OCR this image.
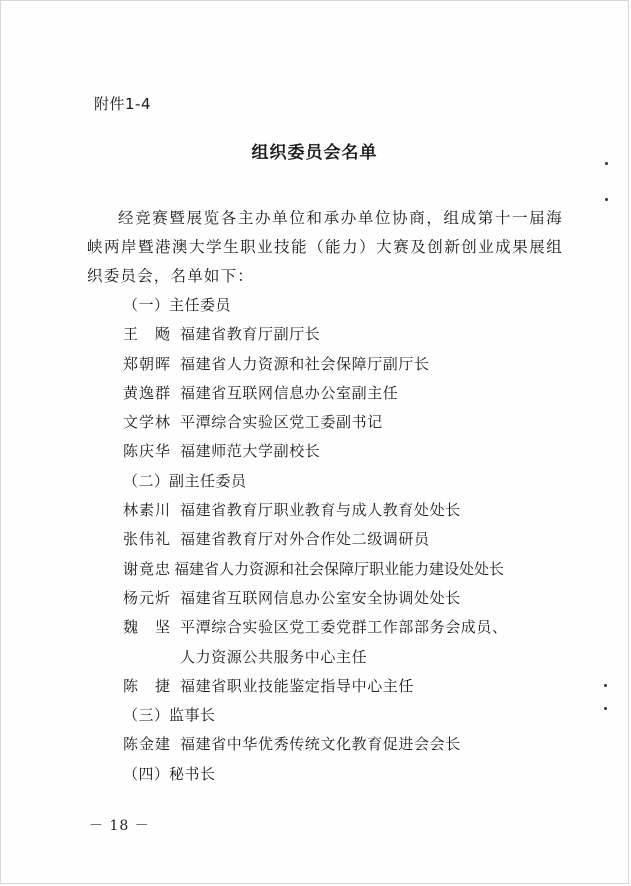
附件1-4
组织委员会名单

经竞赛暨展览各主办单位和承办单位协商，组成第十一届海峡两岸暨港澳大学生职业技能（能力）大赛及创新创业成果展组织委员会，名单如下：

（一）主任委员
王　飏 福建省教育厅副厅长
郑朝晖 福建省人力资源和社会保障厅副厅长
黄逸群 福建省互联网信息办公室副主任
文学林 平潭综合实验区党工委副书记
陈庆华 福建师范大学副校长
（二）副主任委员
林素川 福建省教育厅职业教育与成人教育处处长
张伟礼 福建省教育厅对外合作处二级调研员
谢竟忠 福建省人力资源和社会保障厅职业能力建设处处长
杨元炘 福建省互联网信息办公室安全协调处处长
魏　坚 平潭综合实验区党工委党群工作部部务会成员、
人力资源公共服务中心主任
陈　捷 福建省职业技能鉴定指导中心主任
（三）监事长
陈金建 福建省中华优秀传统文化教育促进会会长
（四）秘书长
－ 18 －
